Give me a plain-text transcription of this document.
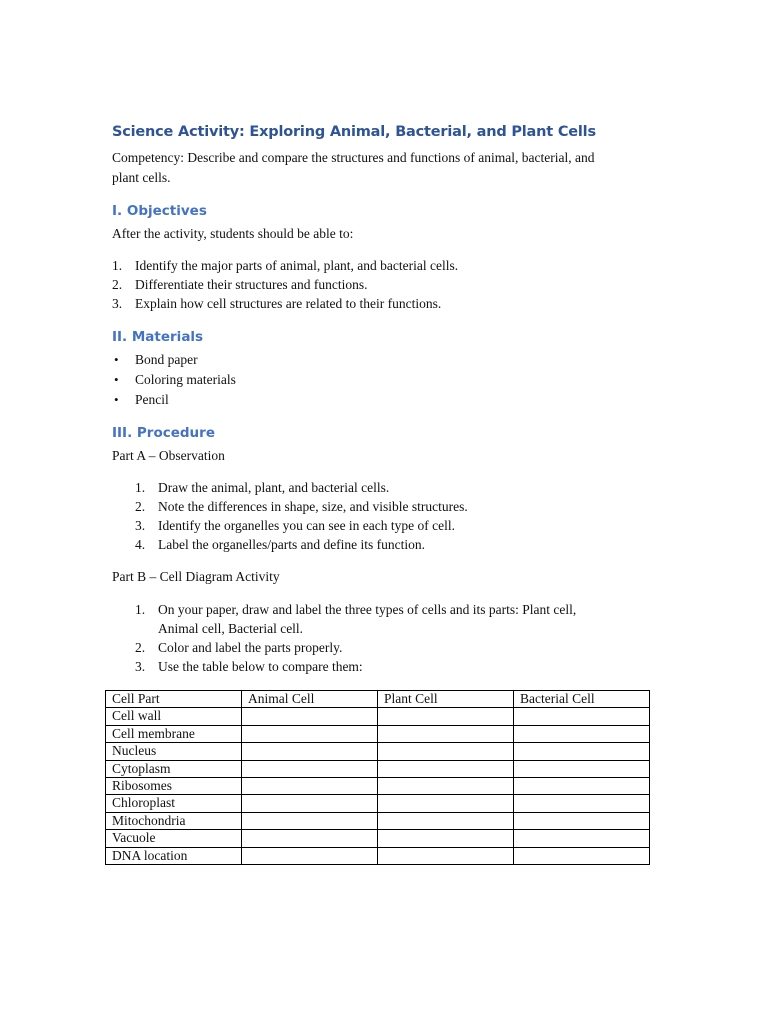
Science Activity: Exploring Animal, Bacterial, and Plant Cells
Competency: Describe and compare the structures and functions of animal, bacterial, and
plant cells.
I. Objectives
After the activity, students should be able to:
1. Identify the major parts of animal, plant, and bacterial cells.
2. Differentiate their structures and functions.
3. Explain how cell structures are related to their functions.
II. Materials
• Bond paper
• Coloring materials
• Pencil
III. Procedure
Part A – Observation
1. Draw the animal, plant, and bacterial cells.
2. Note the differences in shape, size, and visible structures.
3. Identify the organelles you can see in each type of cell.
4. Label the organelles/parts and define its function.
Part B – Cell Diagram Activity
1. On your paper, draw and label the three types of cells and its parts: Plant cell,
Animal cell, Bacterial cell.
2. Color and label the parts properly.
3. Use the table below to compare them:
Cell Part	Animal Cell	Plant Cell	Bacterial Cell
Cell wall			
Cell membrane			
Nucleus			
Cytoplasm			
Ribosomes			
Chloroplast			
Mitochondria			
Vacuole			
DNA location			
